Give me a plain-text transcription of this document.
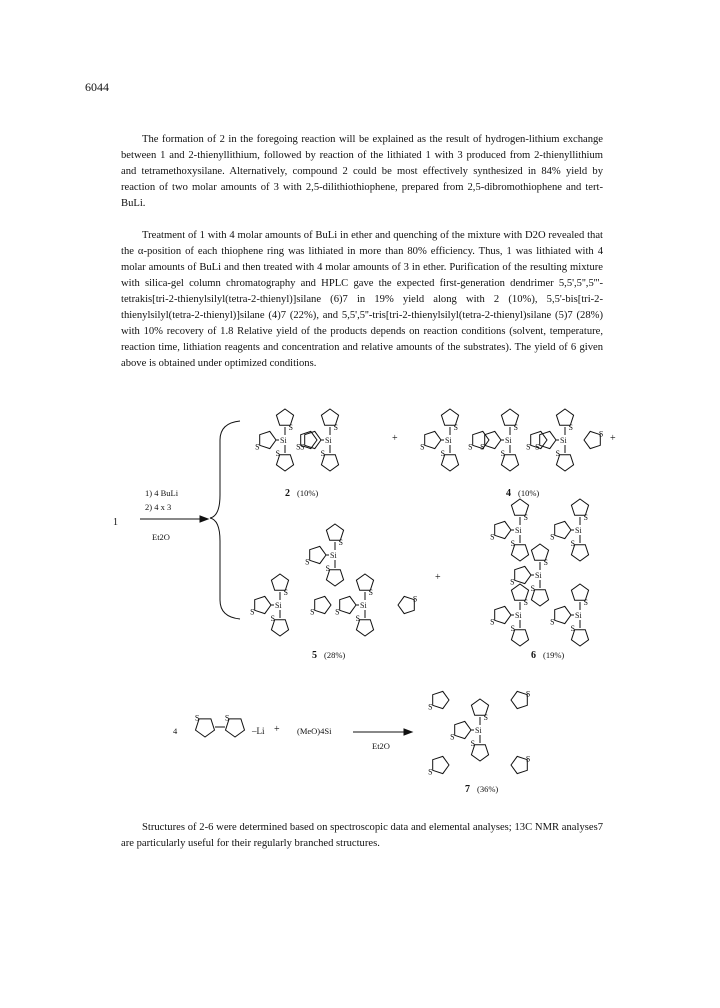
6044
The formation of 2 in the foregoing reaction will be explained as the result of hydrogen-lithium exchange between 1 and 2-thienyllithium, followed by reaction of the lithiated 1 with 3 produced from 2-thienyllithium and tetramethoxysilane. Alternatively, compound 2 could be most effectively synthesized in 84% yield by reaction of two molar amounts of 3 with 2,5-dilithiothiophene, prepared from 2,5-dibromothiophene and tert-BuLi.
Treatment of 1 with 4 molar amounts of BuLi in ether and quenching of the mixture with D2O revealed that the α-position of each thiophene ring was lithiated in more than 80% efficiency. Thus, 1 was lithiated with 4 molar amounts of BuLi and then treated with 4 molar amounts of 3 in ether. Purification of the resulting mixture with silica-gel column chromatography and HPLC gave the expected first-generation dendrimer 5,5',5'',5'''-tetrakis[tri-2-thienylsilyl(tetra-2-thienyl)]silane (6)7 in 19% yield along with 2 (10%), 5,5'-bis[tri-2-thienylsilyl(tetra-2-thienyl)]silane (4)7 (22%), and 5,5',5''-tris[tri-2-thienylsilyl(tetra-2-thienyl)silane (5)7 (28%) with 10% recovery of 1.8 Relative yield of the products depends on reaction conditions (solvent, temperature, reaction time, lithiation reagents and concentration and relative amounts of the substrates). The yield of 6 given above is obtained under optimized conditions.
Structures of 2-6 were determined based on spectroscopic data and elemental analyses; 13C NMR analyses7 are particularly useful for their regularly branched structures.
Si
S
S
S
Si
S
S
S
S
Si
S
S
S
Si
S
S
S
Si
S
S
S
S	S
S
Si
S
S
S
Si
S
S
S
Si
S
S
S
S
S
Si
S
S
S
Si
S
S
S
Si
S
S
S
Si
S
S
S
Si
S
S
S
Si
S
S
S
S
S
S
S
S	S
–Li
1
1) 4 BuLi
2) 4 x 3
Et2O
+	+
+
+
2 (10%)	4 (10%)
5 (28%)	6 (19%)
4	(MeO)4Si
Et2O
7 (36%)
